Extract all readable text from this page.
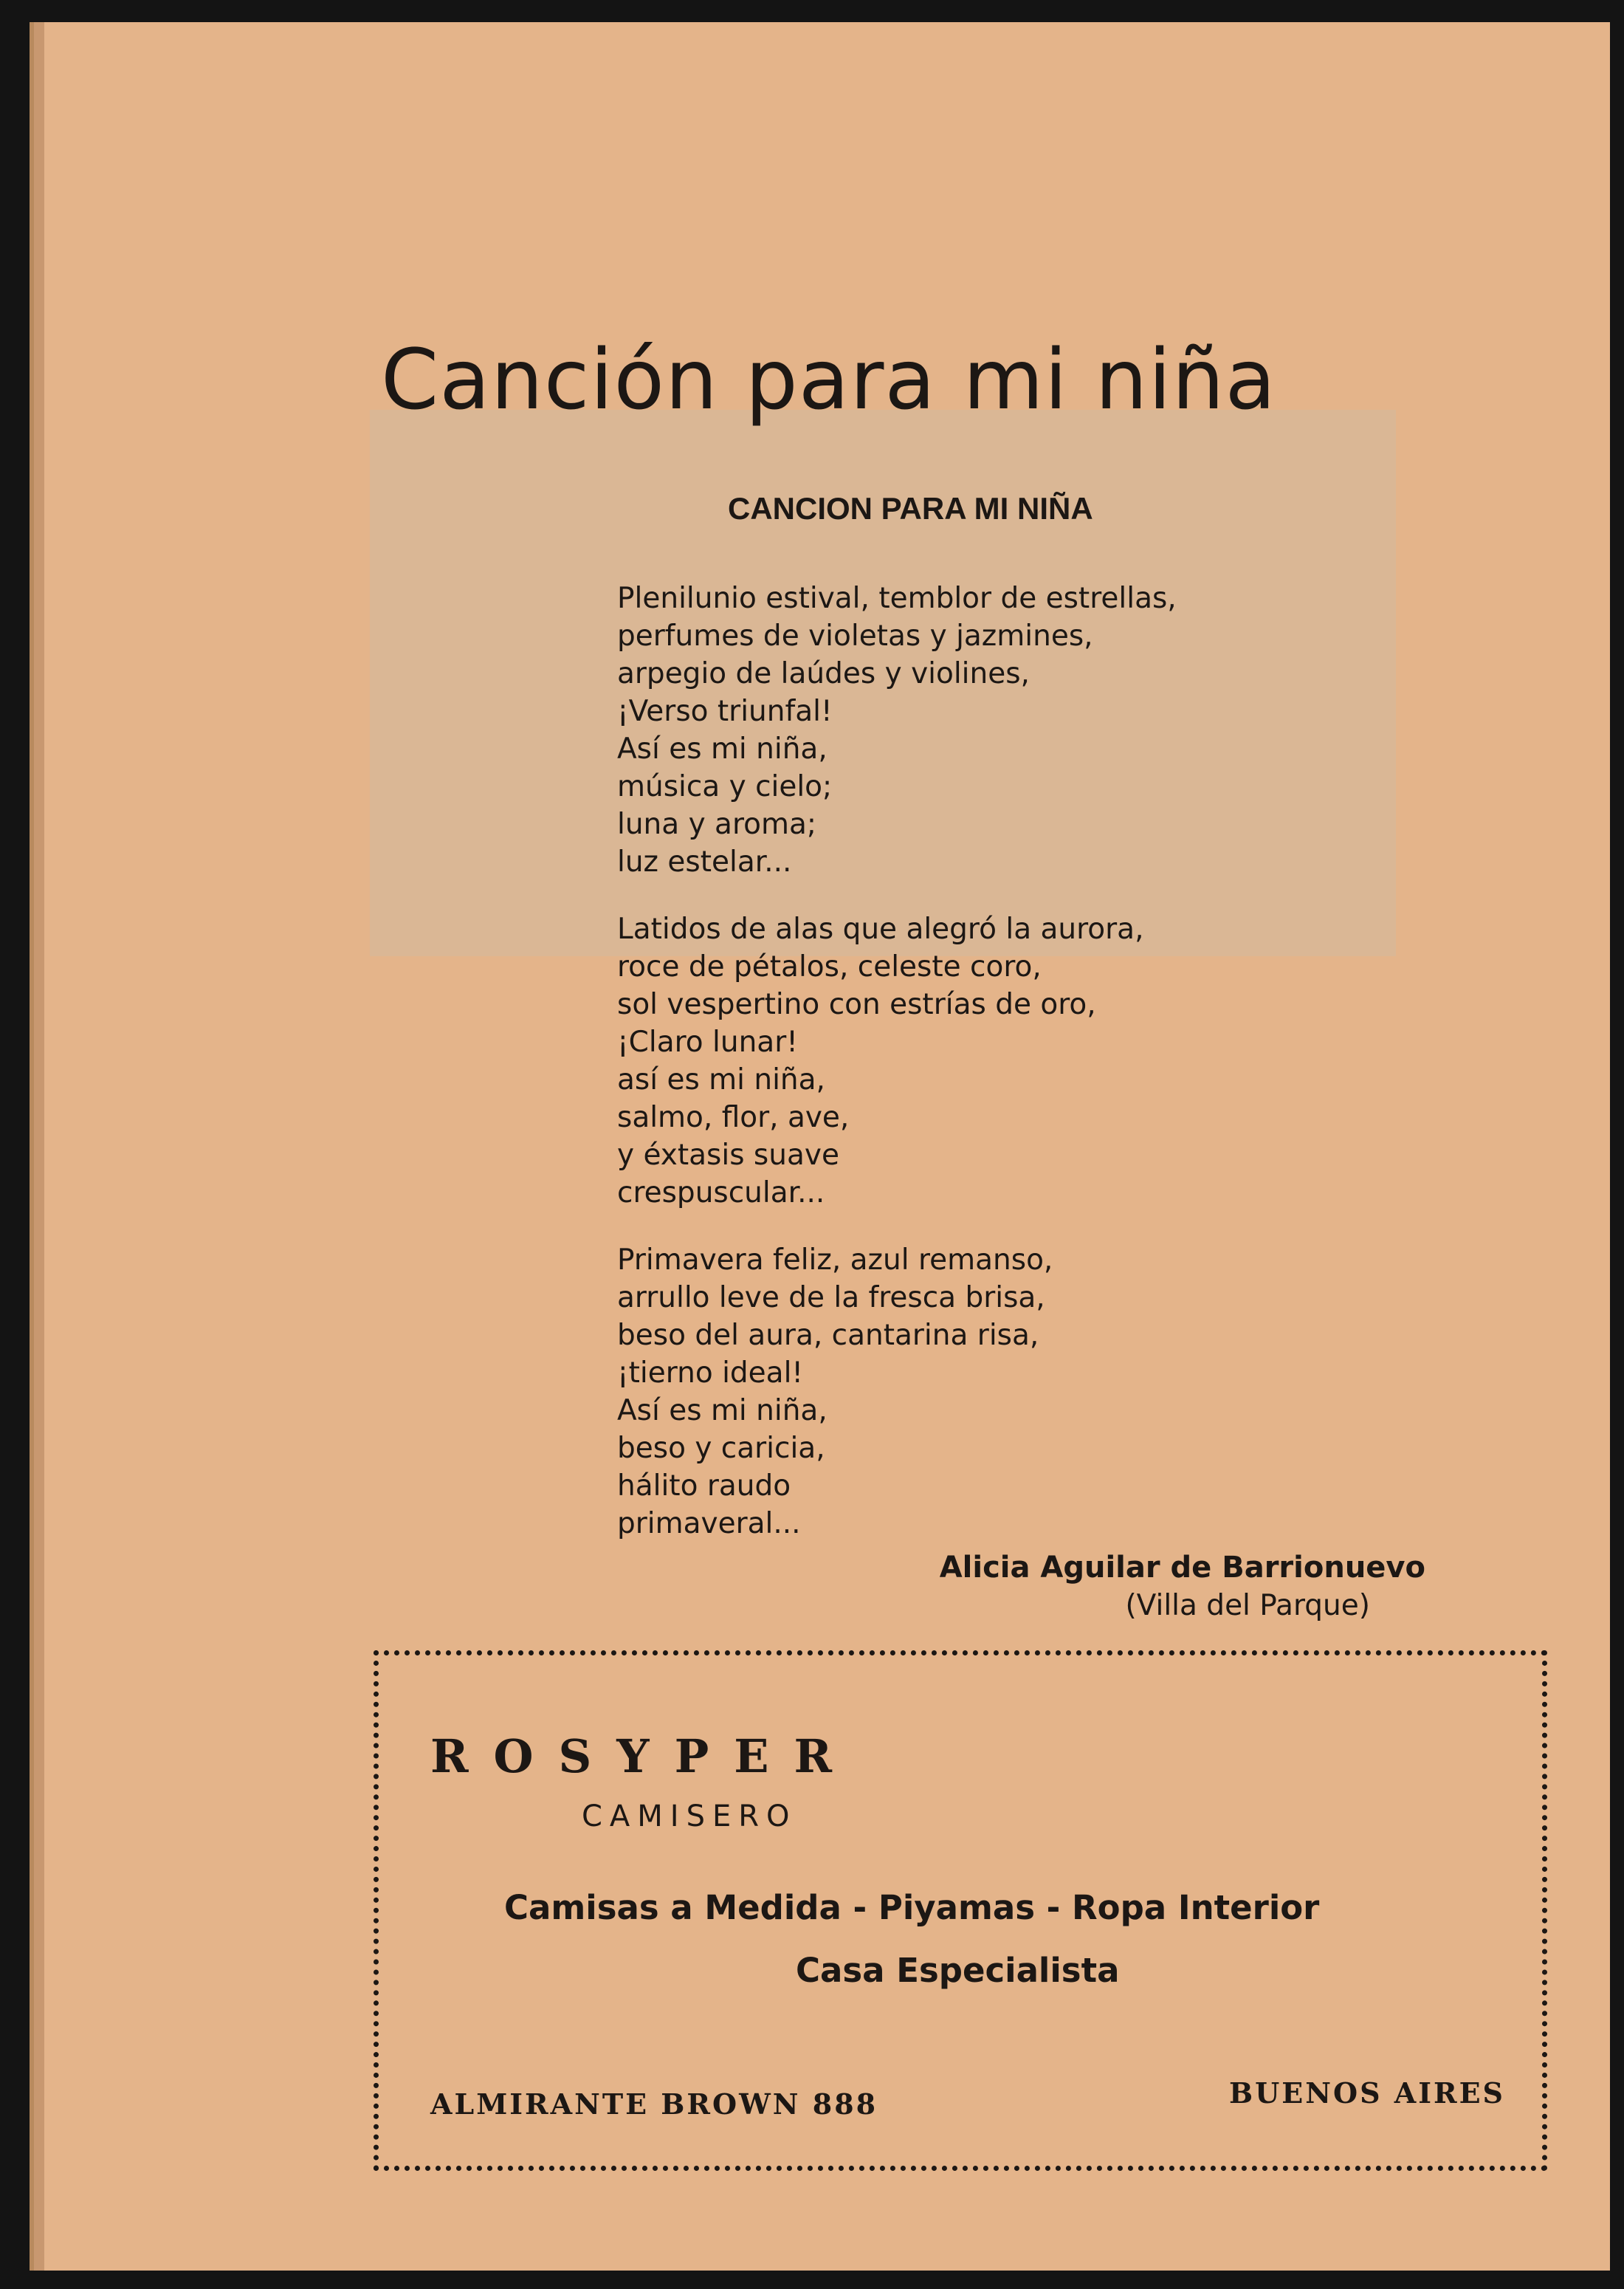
Canción para mi niña
CANCION PARA MI NIÑA
Plenilunio estival, temblor de estrellas,
perfumes de violetas y jazmines,
arpegio de laúdes y violines,
¡Verso triunfal!
Así es mi niña,
música y cielo;
luna y aroma;
luz estelar...
Latidos de alas que alegró la aurora,
roce de pétalos, celeste coro,
sol vespertino con estrías de oro,
¡Claro lunar!
así es mi niña,
salmo, flor, ave,
y éxtasis suave
crespuscular...
Primavera feliz, azul remanso,
arrullo leve de la fresca brisa,
beso del aura, cantarina risa,
¡tierno ideal!
Así es mi niña,
beso y caricia,
hálito raudo
primaveral...
Alicia Aguilar de Barrionuevo
(Villa del Parque)
ROSYPER
CAMISERO
Camisas a Medida - Piyamas - Ropa Interior
Casa Especialista
ALMIRANTE BROWN 888	BUENOS AIRES
